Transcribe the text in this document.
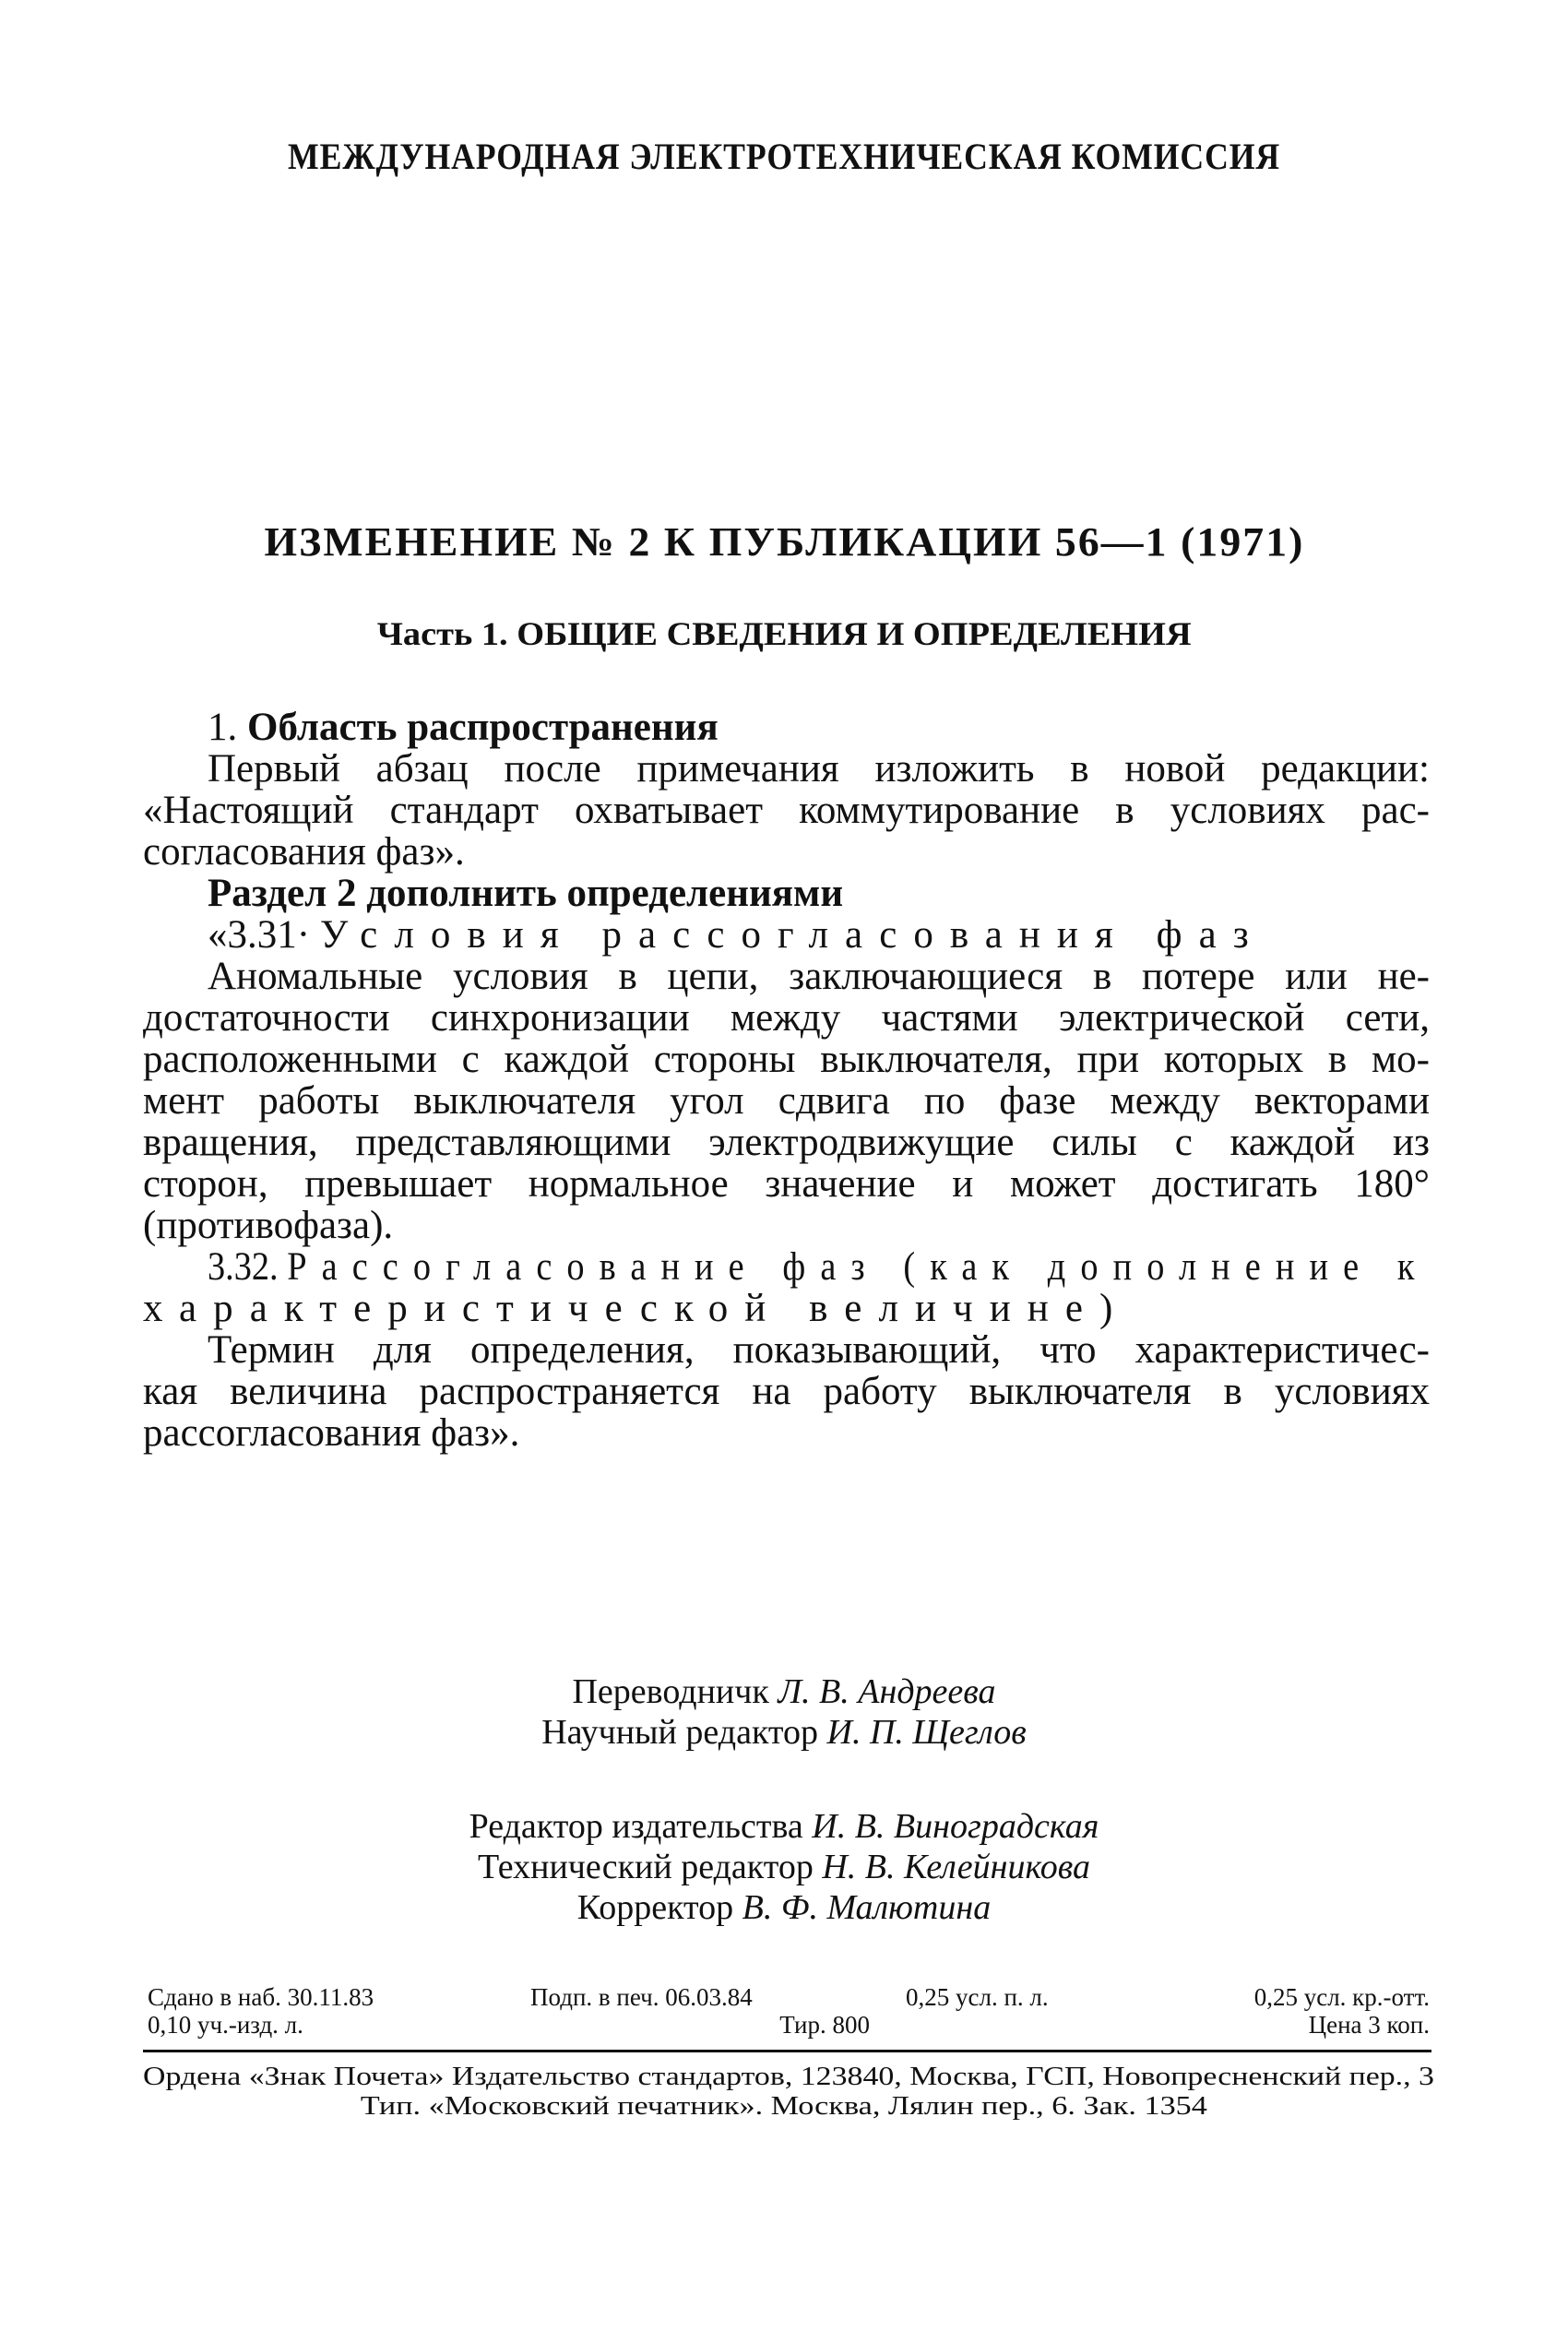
МЕЖДУНАРОДНАЯ ЭЛЕКТРОТЕХНИЧЕСКАЯ КОМИССИЯ
ИЗМЕНЕНИЕ № 2 К ПУБЛИКАЦИИ 56—1 (1971)
Часть 1. ОБЩИЕ СВЕДЕНИЯ И ОПРЕДЕЛЕНИЯ
1. Область распространения
Первый абзац после примечания изложить в новой редакции:
«Настоящий стандарт охватывает коммутирование в условиях рас-
согласования фаз».
Раздел 2 дополнить определениями
«3.31· Условия рассогласования фаз
Аномальные условия в цепи, заключающиеся в потере или не-
достаточности синхронизации между частями электрической сети,
расположенными с каждой стороны выключателя, при которых в мо-
мент работы выключателя угол сдвига по фазе между векторами
вращения, представляющими электродвижущие силы с каждой из
сторон, превышает нормальное значение и может достигать 180°
(противофаза).
3.32. Рассогласование фаз (как дополнение к
характеристической величине)
Термин для определения, показывающий, что характеристичес-
кая величина распространяется на работу выключателя в условиях
рассогласования фаз».
Переводничк Л. В. Андреева
Научный редактор И. П. Щеглов
Редактор издательства И. В. Виноградская
Технический редактор Н. В. Келейникова
Корректор В. Ф. Малютина
Сдано в наб. 30.11.83	Подп. в печ. 06.03.84	0,25 усл. п. л.	0,25 усл. кр.-отт.
0,10 уч.-изд. л.	Тир. 800	Цена 3 коп.
Ордена «Знак Почета» Издательство стандартов, 123840, Москва, ГСП, Новопресненский пер., 3
Тип. «Московский печатник». Москва, Лялин пер., 6. Зак. 1354
